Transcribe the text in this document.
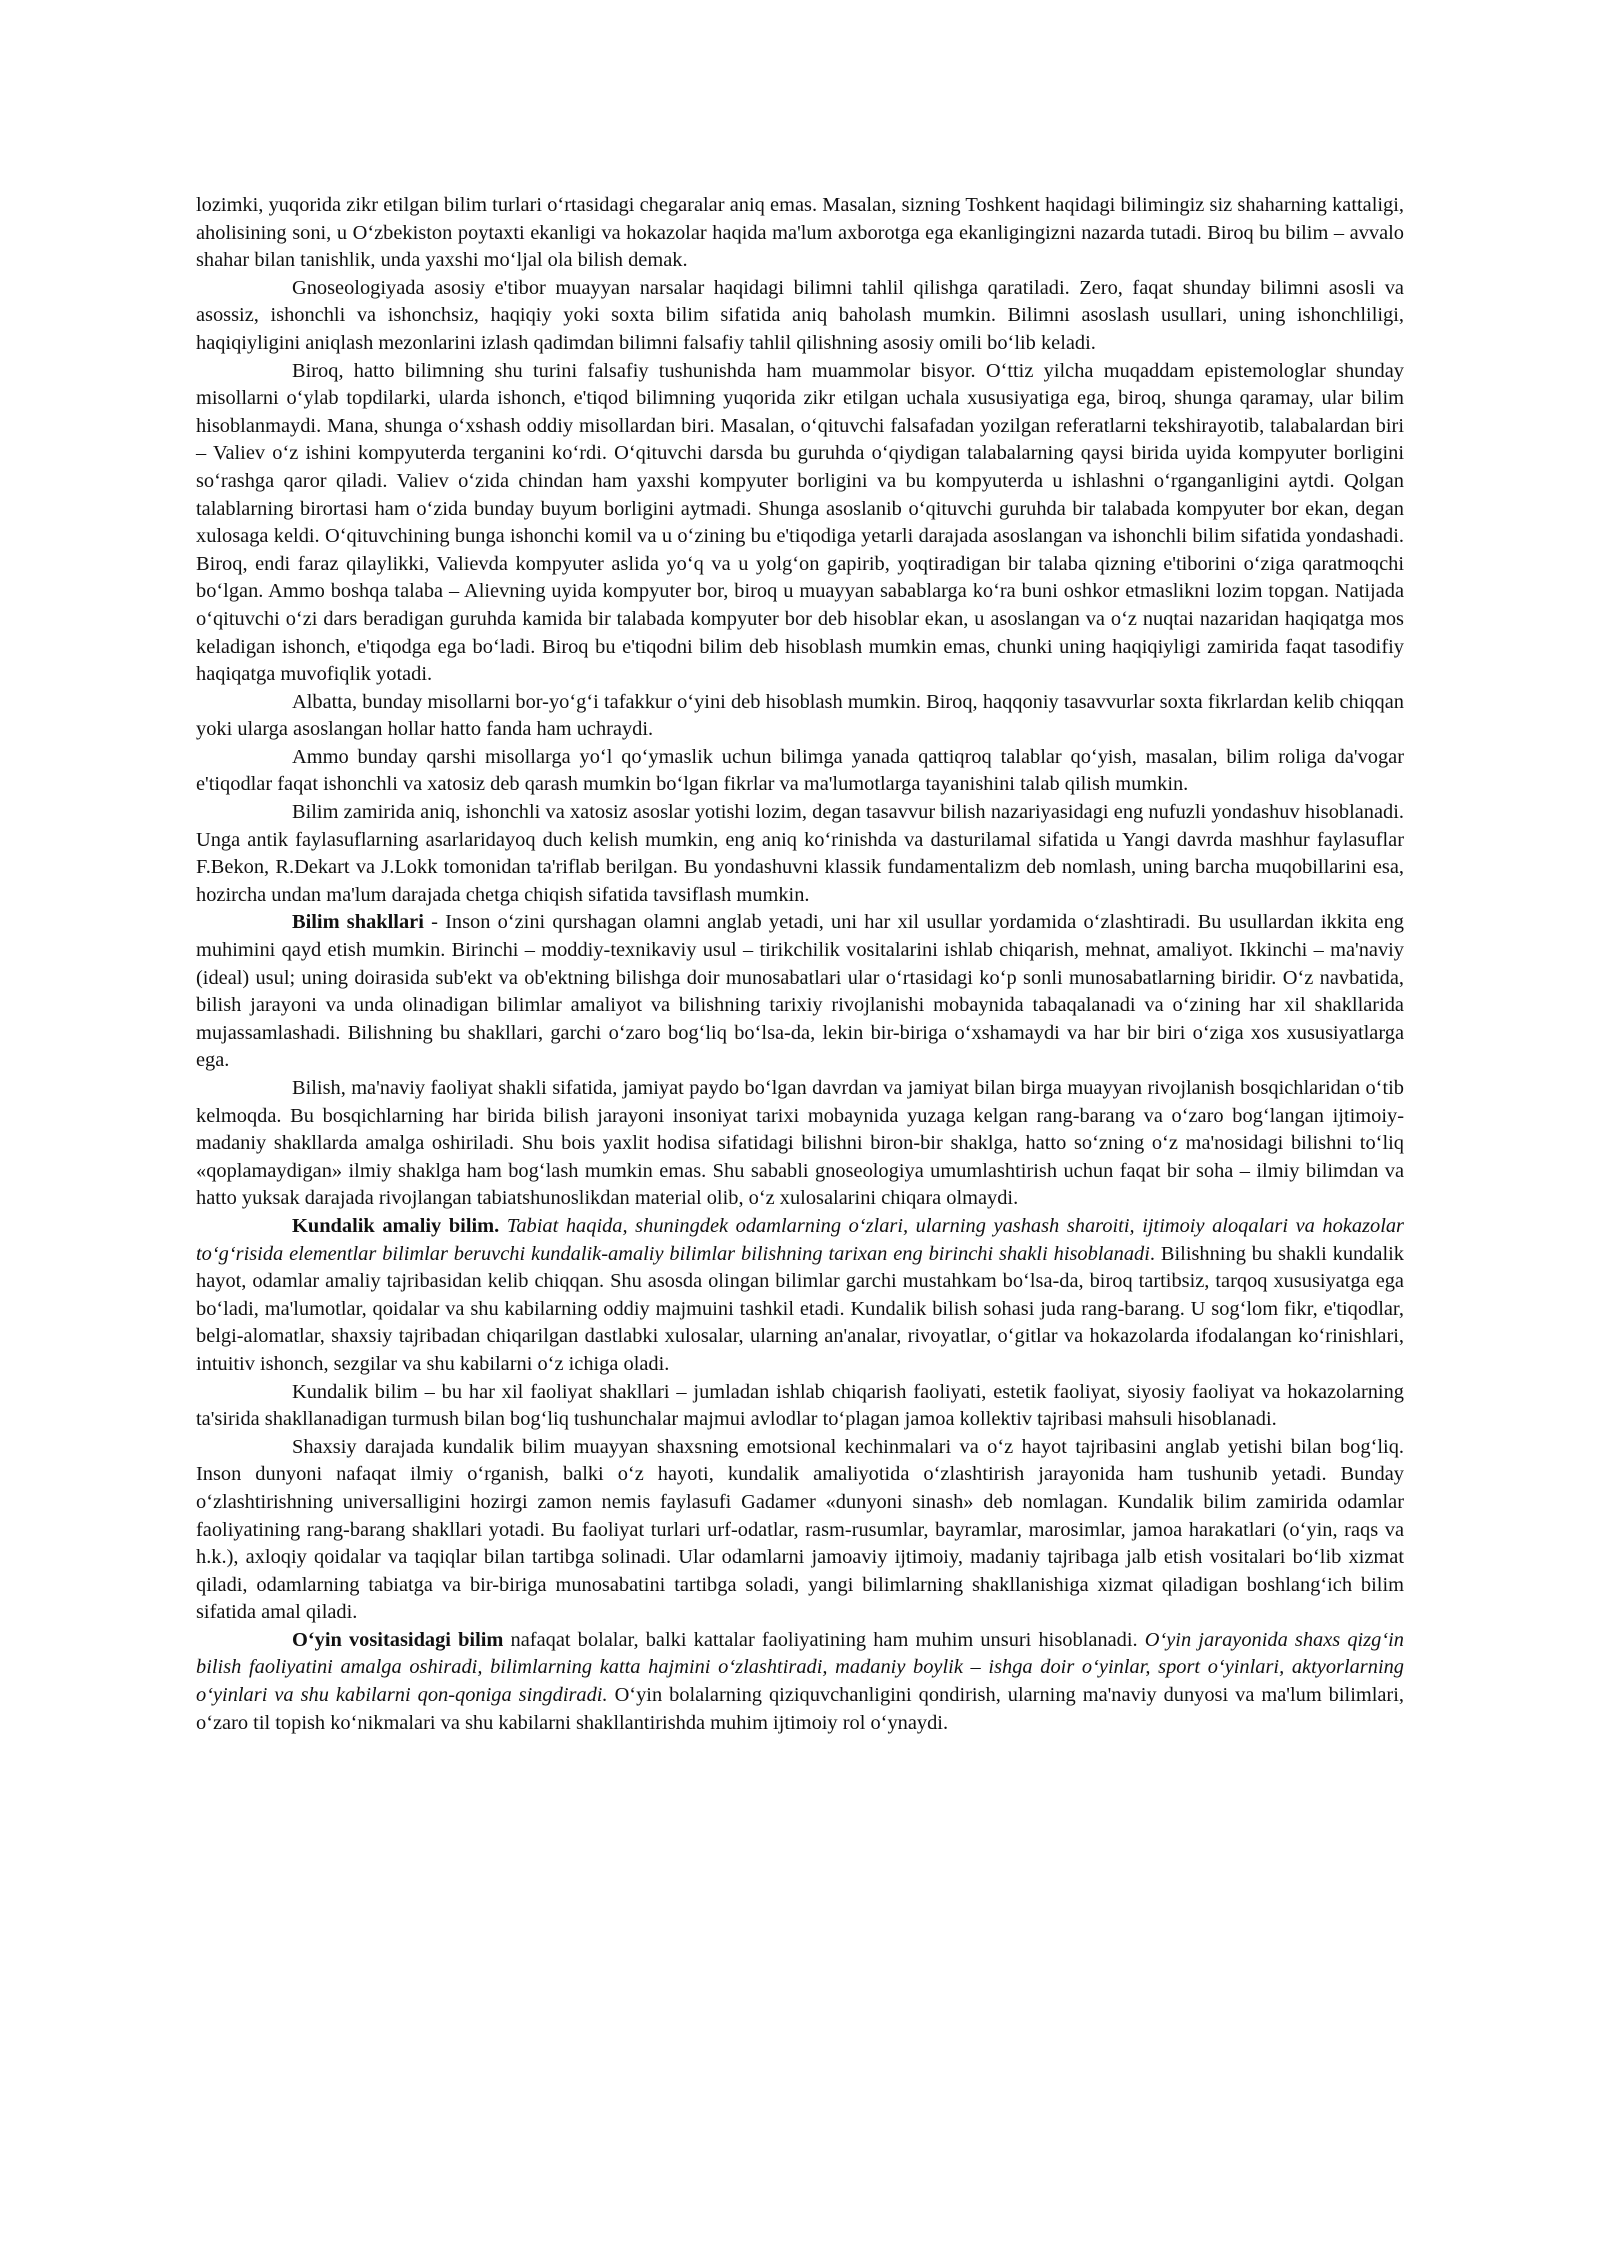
lozimki, yuqorida zikr etilgan bilim turlari oʻrtasidagi chegaralar aniq emas. Masalan, sizning Toshkent haqidagi bilimingiz siz shaharning kattaligi, aholisining soni, u Oʻzbekiston poytaxti ekanligi va hokazolar haqida ma'lum axborotga ega ekanligingizni nazarda tutadi. Biroq bu bilim – avvalo shahar bilan tanishlik, unda yaxshi moʻljal ola bilish demak.

Gnoseologiyada asosiy e'tibor muayyan narsalar haqidagi bilimni tahlil qilishga qaratiladi. Zero, faqat shunday bilimni asosli va asossiz, ishonchli va ishonchsiz, haqiqiy yoki soxta bilim sifatida aniq baholash mumkin. Bilimni asoslash usullari, uning ishonchliligi, haqiqiyligini aniqlash mezonlarini izlash qadimdan bilimni falsafiy tahlil qilishning asosiy omili boʻlib keladi.

Biroq, hatto bilimning shu turini falsafiy tushunishda ham muammolar bisyor. Oʻttiz yilcha muqaddam epistemologlar shunday misollarni oʻylab topdilarki, ularda ishonch, e'tiqod bilimning yuqorida zikr etilgan uchala xususiyatiga ega, biroq, shunga qaramay, ular bilim hisoblanmaydi. Mana, shunga oʻxshash oddiy misollardan biri. Masalan, oʻqituvchi falsafadan yozilgan referatlarni tekshirayotib, talabalardan biri – Valiev oʻz ishini kompyuterda terganini koʻrdi. Oʻqituvchi darsda bu guruhda oʻqiydigan talabalarning qaysi birida uyida kompyuter borligini soʻrashga qaror qiladi. Valiev oʻzida chindan ham yaxshi kompyuter borligini va bu kompyuterda u ishlashni oʻrganganligini aytdi. Qolgan talablarning birortasi ham oʻzida bunday buyum borligini aytmadi. Shunga asoslanib oʻqituvchi guruhda bir talabada kompyuter bor ekan, degan xulosaga keldi. Oʻqituvchining bunga ishonchi komil va u oʻzining bu e'tiqodiga yetarli darajada asoslangan va ishonchli bilim sifatida yondashadi. Biroq, endi faraz qilaylikki, Valievda kompyuter aslida yoʻq va u yolgʻon gapirib, yoqtiradigan bir talaba qizning e'tiborini oʻziga qaratmoqchi boʻlgan. Ammo boshqa talaba – Alievning uyida kompyuter bor, biroq u muayyan sabablarga koʻra buni oshkor etmaslikni lozim topgan. Natijada oʻqituvchi oʻzi dars beradigan guruhda kamida bir talabada kompyuter bor deb hisoblar ekan, u asoslangan va oʻz nuqtai nazaridan haqiqatga mos keladigan ishonch, e'tiqodga ega boʻladi. Biroq bu e'tiqodni bilim deb hisoblash mumkin emas, chunki uning haqiqiyligi zamirida faqat tasodifiy haqiqatga muvofiqlik yotadi.

Albatta, bunday misollarni bor-yoʻgʻi tafakkur oʻyini deb hisoblash mumkin. Biroq, haqqoniy tasavvurlar soxta fikrlardan kelib chiqqan yoki ularga asoslangan hollar hatto fanda ham uchraydi.

Ammo bunday qarshi misollarga yoʻl qoʻymaslik uchun bilimga yanada qattiqroq talablar qoʻyish, masalan, bilim roliga da'vogar e'tiqodlar faqat ishonchli va xatosiz deb qarash mumkin boʻlgan fikrlar va ma'lumotlarga tayanishini talab qilish mumkin.

Bilim zamirida aniq, ishonchli va xatosiz asoslar yotishi lozim, degan tasavvur bilish nazariyasidagi eng nufuzli yondashuv hisoblanadi. Unga antik faylasuflarning asarlaridayoq duch kelish mumkin, eng aniq koʻrinishda va dasturilamal sifatida u Yangi davrda mashhur faylasuflar F.Bekon, R.Dekart va J.Lokk tomonidan ta'riflab berilgan. Bu yondashuvni klassik fundamentalizm deb nomlash, uning barcha muqobillarini esa, hozircha undan ma'lum darajada chetga chiqish sifatida tavsiflash mumkin.

Bilim shakllari - Inson oʻzini qurshagan olamni anglab yetadi, uni har xil usullar yordamida oʻzlashtiradi. Bu usullardan ikkita eng muhimini qayd etish mumkin. Birinchi – moddiy-texnikaviy usul – tirikchilik vositalarini ishlab chiqarish, mehnat, amaliyot. Ikkinchi – ma'naviy (ideal) usul; uning doirasida sub'ekt va ob'ektning bilishga doir munosabatlari ular oʻrtasidagi koʻp sonli munosabatlarning biridir. Oʻz navbatida, bilish jarayoni va unda olinadigan bilimlar amaliyot va bilishning tarixiy rivojlanishi mobaynida tabaqalanadi va oʻzining har xil shakllarida mujassamlashadi. Bilishning bu shakllari, garchi oʻzaro bogʻliq boʻlsa-da, lekin bir-biriga oʻxshamaydi va har bir biri oʻziga xos xususiyatlarga ega.

Bilish, ma'naviy faoliyat shakli sifatida, jamiyat paydo boʻlgan davrdan va jamiyat bilan birga muayyan rivojlanish bosqichlaridan oʻtib kelmoqda. Bu bosqichlarning har birida bilish jarayoni insoniyat tarixi mobaynida yuzaga kelgan rang-barang va oʻzaro bogʻlangan ijtimoiy-madaniy shakllarda amalga oshiriladi. Shu bois yaxlit hodisa sifatidagi bilishni biron-bir shaklga, hatto soʻzning oʻz ma'nosidagi bilishni toʻliq «qoplamaydigan» ilmiy shaklga ham bogʻlash mumkin emas. Shu sababli gnoseologiya umumlashtirish uchun faqat bir soha – ilmiy bilimdan va hatto yuksak darajada rivojlangan tabiatshunoslikdan material olib, oʻz xulosalarini chiqara olmaydi.

Kundalik amaliy bilim. Tabiat haqida, shuningdek odamlarning oʻzlari, ularning yashash sharoiti, ijtimoiy aloqalari va hokazolar toʻgʻrisida elementlar bilimlar beruvchi kundalik-amaliy bilimlar bilishning tarixan eng birinchi shakli hisoblanadi. Bilishning bu shakli kundalik hayot, odamlar amaliy tajribasidan kelib chiqqan. Shu asosda olingan bilimlar garchi mustahkam boʻlsa-da, biroq tartibsiz, tarqoq xususiyatga ega boʻladi, ma'lumotlar, qoidalar va shu kabilarning oddiy majmuini tashkil etadi. Kundalik bilish sohasi juda rang-barang. U sogʻlom fikr, e'tiqodlar, belgi-alomatlar, shaxsiy tajribadan chiqarilgan dastlabki xulosalar, ularning an'analar, rivoyatlar, oʻgitlar va hokazolarda ifodalangan koʻrinishlari, intuitiv ishonch, sezgilar va shu kabilarni oʻz ichiga oladi.

Kundalik bilim – bu har xil faoliyat shakllari – jumladan ishlab chiqarish faoliyati, estetik faoliyat, siyosiy faoliyat va hokazolarning ta'sirida shakllanadigan turmush bilan bogʻliq tushunchalar majmui avlodlar toʻplagan jamoa kollektiv tajribasi mahsuli hisoblanadi.

Shaxsiy darajada kundalik bilim muayyan shaxsning emotsional kechinmalari va oʻz hayot tajribasini anglab yetishi bilan bogʻliq. Inson dunyoni nafaqat ilmiy oʻrganish, balki oʻz hayoti, kundalik amaliyotida oʻzlashtirish jarayonida ham tushunib yetadi. Bunday oʻzlashtirishning universalligini hozirgi zamon nemis faylasufi Gadamer «dunyoni sinash» deb nomlagan. Kundalik bilim zamirida odamlar faoliyatining rang-barang shakllari yotadi. Bu faoliyat turlari urf-odatlar, rasm-rusumlar, bayramlar, marosimlar, jamoa harakatlari (oʻyin, raqs va h.k.), axloqiy qoidalar va taqiqlar bilan tartibga solinadi. Ular odamlarni jamoaviy ijtimoiy, madaniy tajribaga jalb etish vositalari boʻlib xizmat qiladi, odamlarning tabiatga va bir-biriga munosabatini tartibga soladi, yangi bilimlarning shakllanishiga xizmat qiladigan boshlangʻich bilim sifatida amal qiladi.

Oʻyin vositasidagi bilim nafaqat bolalar, balki kattalar faoliyatining ham muhim unsuri hisoblanadi. Oʻyin jarayonida shaxs qizgʻin bilish faoliyatini amalga oshiradi, bilimlarning katta hajmini oʻzlashtiradi, madaniy boylik – ishga doir oʻyinlar, sport oʻyinlari, aktyorlarning oʻyinlari va shu kabilarni qon-qoniga singdiradi. Oʻyin bolalarning qiziquvchanligini qondirish, ularning ma'naviy dunyosi va ma'lum bilimlari, oʻzaro til topish koʻnikmalari va shu kabilarni shakllantirishda muhim ijtimoiy rol oʻynaydi.
